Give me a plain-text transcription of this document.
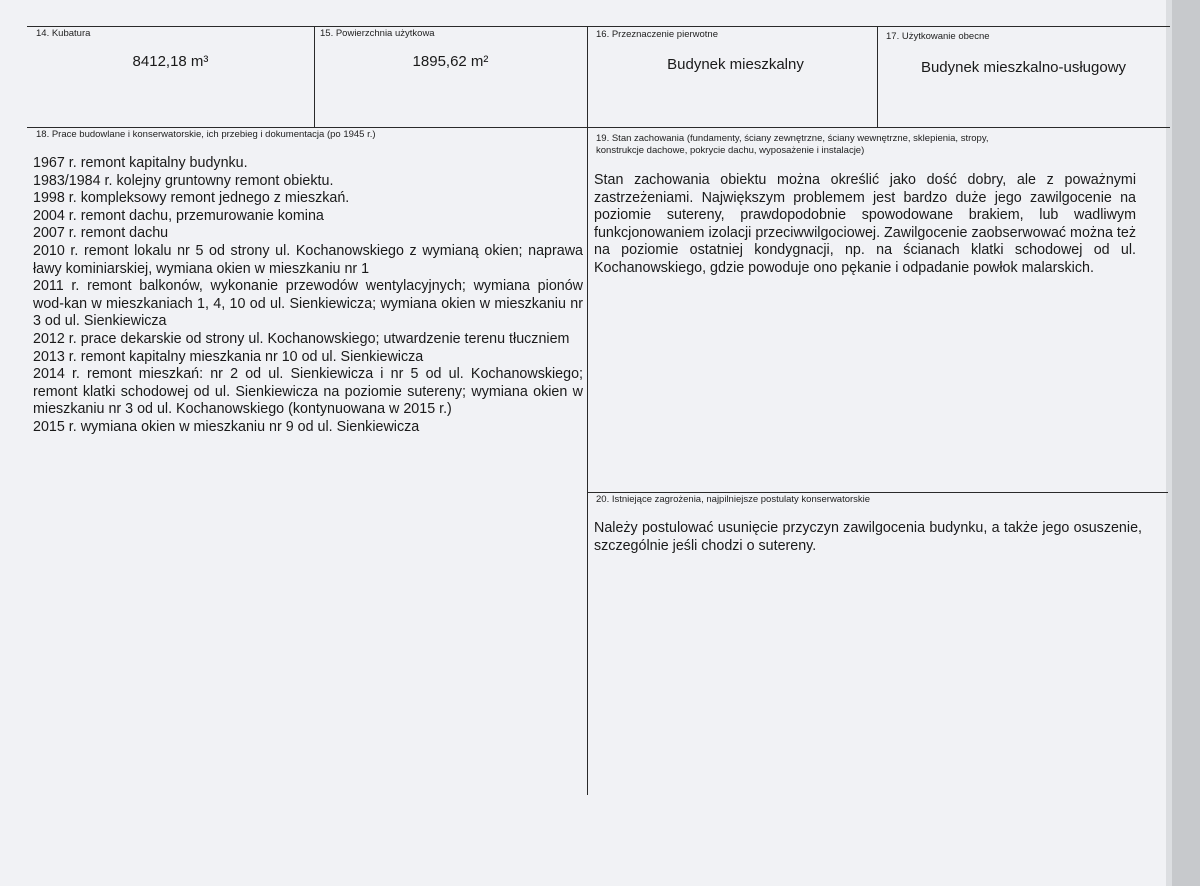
14. Kubatura
8412,18 m³
15. Powierzchnia użytkowa
1895,62 m²
16. Przeznaczenie pierwotne
Budynek mieszkalny
17. Użytkowanie obecne
Budynek mieszkalno-usługowy
18. Prace budowlane i konserwatorskie, ich przebieg i dokumentacja (po 1945 r.)

1967 r. remont kapitalny budynku.

1983/1984 r. kolejny gruntowny remont obiektu.

1998 r. kompleksowy remont jednego z mieszkań.

2004 r. remont dachu, przemurowanie komina

2007 r. remont dachu

2010 r. remont lokalu nr 5 od strony ul. Kochanowskiego z wymianą okien; naprawa ławy kominiarskiej, wymiana okien w mieszkaniu nr 1

2011 r. remont balkonów, wykonanie przewodów wentylacyjnych; wymiana pionów wod-kan w mieszkaniach 1, 4, 10 od ul. Sienkiewicza; wymiana okien w mieszkaniu nr 3 od ul. Sienkiewicza

2012 r. prace dekarskie od strony ul. Kochanowskiego; utwardzenie terenu tłuczniem

2013 r. remont kapitalny mieszkania nr 10 od ul. Sienkiewicza

2014 r. remont mieszkań: nr 2 od ul. Sienkiewicza i nr 5 od ul. Kochanowskiego; remont klatki schodowej od ul. Sienkiewicza na poziomie sutereny; wymiana okien w mieszkaniu nr 3 od ul. Kochanowskiego (kontynuowana w 2015 r.)

2015 r. wymiana okien w mieszkaniu nr 9 od ul. Sienkiewicza

19. Stan zachowania (fundamenty, ściany zewnętrzne, ściany wewnętrzne, sklepienia, stropy,
konstrukcje dachowe, pokrycie dachu, wyposażenie i instalacje)
Stan zachowania obiektu można określić jako dość dobry, ale z poważnymi zastrzeżeniami. Największym problemem jest bardzo duże jego zawilgocenie na poziomie sutereny, prawdopodobnie spowodowane brakiem, lub wadliwym funkcjonowaniem izolacji przeciwwilgociowej. Zawilgocenie zaobserwować można też na poziomie ostatniej kondygnacji, np. na ścianach klatki schodowej od ul. Kochanowskiego, gdzie powoduje ono pękanie i odpadanie powłok malarskich.
20. Istniejące zagrożenia, najpilniejsze postulaty konserwatorskie
Należy postulować usunięcie przyczyn zawilgocenia budynku, a także jego osuszenie, szczególnie jeśli chodzi o sutereny.
